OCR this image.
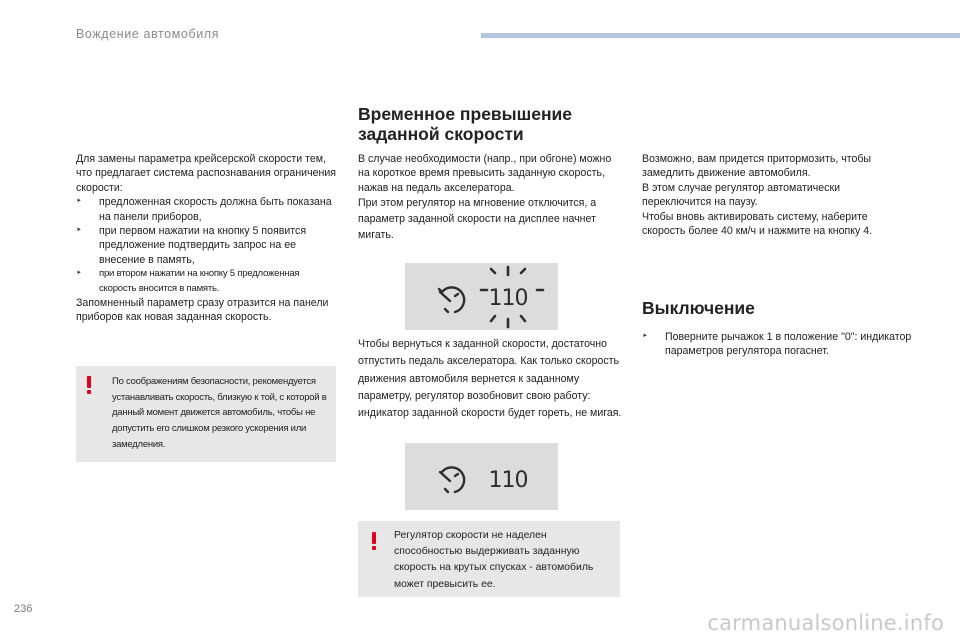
Вождение автомобиля
Для замены параметра крейсерской скорости тем, что предлагает система распознавания ограничения скорости:
‣	предложенная скорость должна быть показана на панели приборов,
‣	при первом нажатии на кнопку 5 появится предложение подтвердить запрос на ее внесение в память,
‣	при втором нажатии на кнопку 5 предложенная скорость вносится в память.
Запомненный параметр сразу отразится на панели приборов как новая заданная скорость.
По соображениям безопасности, рекомендуется устанавливать скорость, близкую к той, с которой в данный момент движется автомобиль, чтобы не допустить его слишком резкого ускорения или замедления.
Временное превышение заданной скорости
В случае необходимости (напр., при обгоне) можно на короткое время превысить заданную скорость, нажав на педаль акселератора.
При этом регулятор на мгновение отключится, а параметр заданной скорости на дисплее начнет мигать.
110
Чтобы вернуться к заданной скорости, достаточно отпустить педаль акселератора. Как только скорость движения автомобиля вернется к заданному параметру, регулятор возобновит свою работу: индикатор заданной скорости будет гореть, не мигая.
110
Регулятор скорости не наделен способностью выдерживать заданную скорость на крутых спусках - автомобиль может превысить ее.
Возможно, вам придется притормозить, чтобы замедлить движение автомобиля.
В этом случае регулятор автоматически переключится на паузу.
Чтобы вновь активировать систему, наберите скорость более 40 км/ч и нажмите на кнопку 4.
Выключение
‣	Поверните рычажок 1 в положение "0": индикатор параметров регулятора погаснет.
236
carmanualsonline.info
